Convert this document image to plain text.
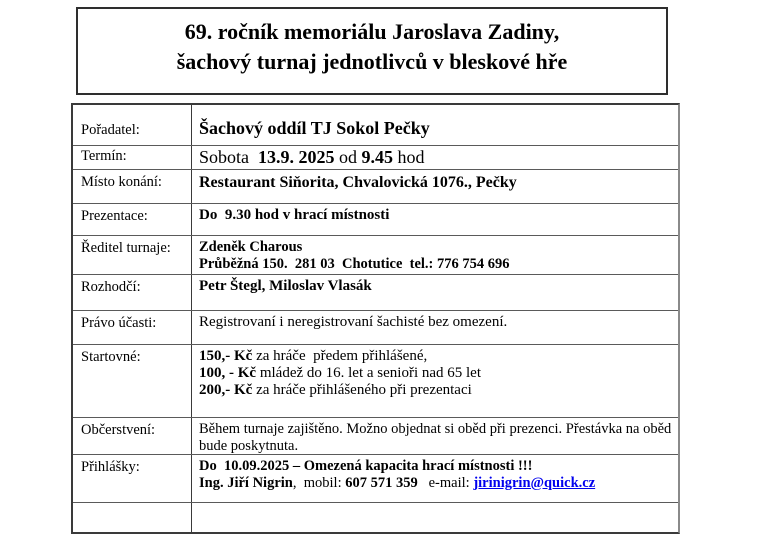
69. ročník memoriálu Jaroslava Zadiny,
šachový turnaj jednotlivců v bleskové hře
Pořadatel:	Šachový oddíl TJ Sokol Pečky
Termín:	Sobota  13.9. 2025 od 9.45 hod
Místo konání:	Restaurant Siňorita, Chvalovická 1076., Pečky
Prezentace:	Do  9.30 hod v hrací místnosti
Ředitel turnaje:	Zdeněk Charous
Průběžná 150.  281 03  Chotutice  tel.: 776 754 696
Rozhodčí:	Petr Štegl, Miloslav Vlasák
Právo účasti:	Registrovaní i neregistrovaní šachisté bez omezení.
Startovné:	150,- Kč za hráče  předem přihlášené,
100, - Kč mládež do 16. let a senioři nad 65 let
200,- Kč za hráče přihlášeného při prezentaci
Občerstvení:	Během turnaje zajištěno. Možno objednat si oběd při prezenci. Přestávka na oběd bude poskytnuta.
Přihlášky:	Do  10.09.2025 – Omezená kapacita hrací místnosti !!!
Ing. Jiří Nigrin,  mobil: 607 571 359   e-mail: jirinigrin@quick.cz
